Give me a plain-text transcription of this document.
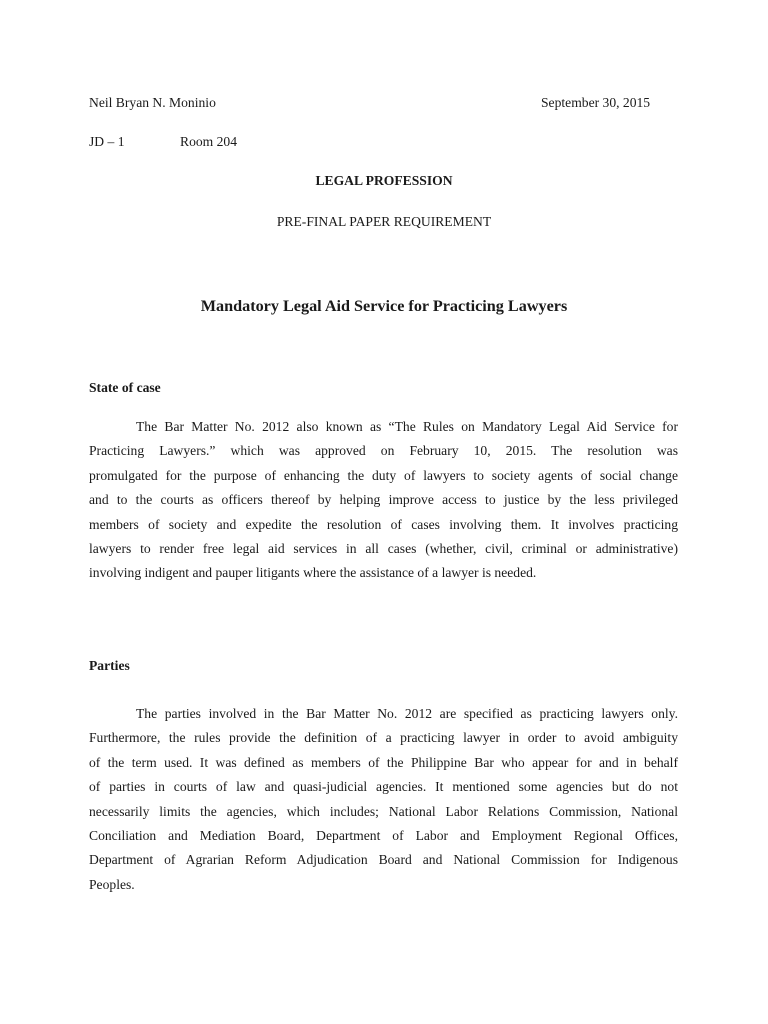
Neil Bryan N. Moninio	September 30, 2015
JD – 1	Room 204
LEGAL PROFESSION
PRE-FINAL PAPER REQUIREMENT
Mandatory Legal Aid Service for Practicing Lawyers
State of case
The Bar Matter No. 2012 also known as “The Rules on Mandatory Legal Aid Service for
Practicing Lawyers.” which was approved on February 10, 2015. The resolution was
promulgated for the purpose of enhancing the duty of lawyers to society agents of social change
and to the courts as officers thereof by helping improve access to justice by the less privileged
members of society and expedite the resolution of cases involving them. It involves practicing
lawyers to render free legal aid services in all cases (whether, civil, criminal or administrative)
involving indigent and pauper litigants where the assistance of a lawyer is needed.
Parties
The parties involved in the Bar Matter No. 2012 are specified as practicing lawyers only.
Furthermore, the rules provide the definition of a practicing lawyer in order to avoid ambiguity
of the term used. It was defined as members of the Philippine Bar who appear for and in behalf
of parties in courts of law and quasi-judicial agencies. It mentioned some agencies but do not
necessarily limits the agencies, which includes; National Labor Relations Commission, National
Conciliation and Mediation Board, Department of Labor and Employment Regional Offices,
Department of Agrarian Reform Adjudication Board and National Commission for Indigenous
Peoples.
